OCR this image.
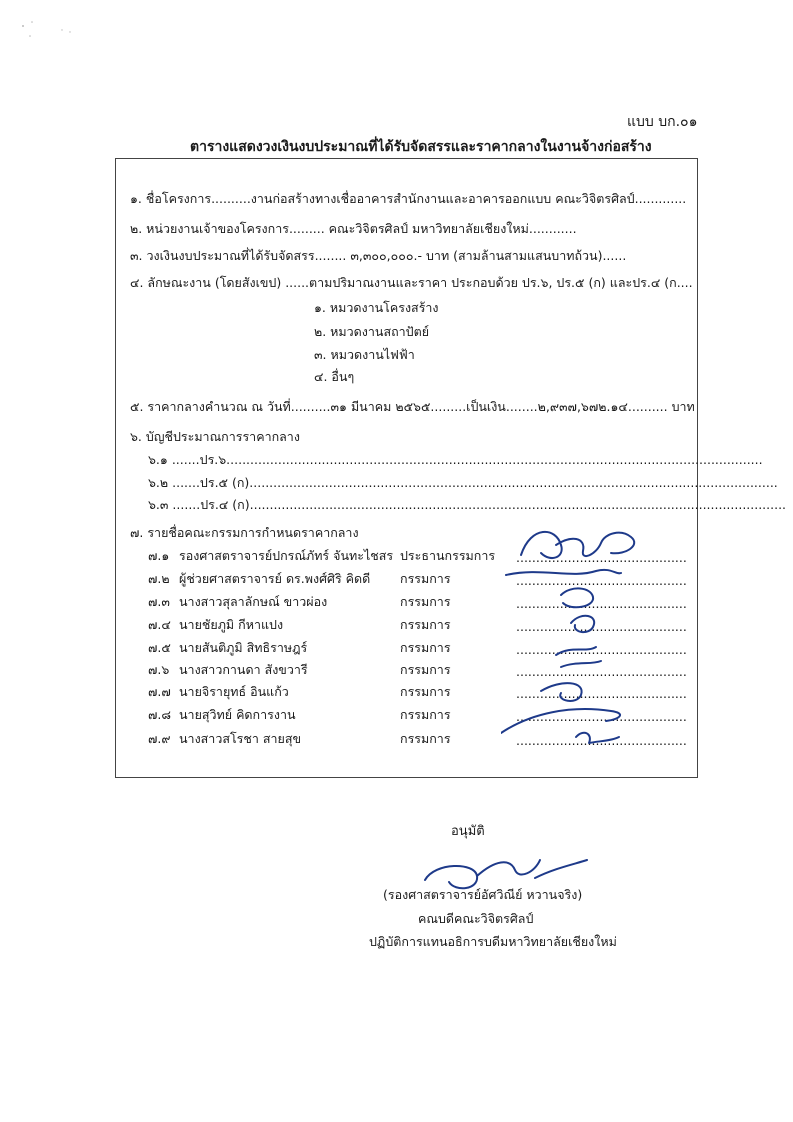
แบบ บก.๐๑
ตารางแสดงวงเงินงบประมาณที่ได้รับจัดสรรและราคากลางในงานจ้างก่อสร้าง
๑. ชื่อโครงการ..........งานก่อสร้างทางเชื่ออาคารสำนักงานและอาคารออกแบบ คณะวิจิตรศิลป์.............
๒. หน่วยงานเจ้าของโครงการ......... คณะวิจิตรศิลป์ มหาวิทยาลัยเชียงใหม่............
๓. วงเงินงบประมาณที่ได้รับจัดสรร........ ๓,๓๐๐,๐๐๐.- บาท (สามล้านสามแสนบาทถ้วน)......
๔. ลักษณะงาน (โดยสังเขป) ......ตามปริมาณงานและราคา ประกอบด้วย ปร.๖, ปร.๕ (ก) และปร.๔ (ก....
๑. หมวดงานโครงสร้าง
๒. หมวดงานสถาปัตย์
๓. หมวดงานไฟฟ้า
๔. อื่นๆ
๕. ราคากลางคำนวณ ณ วันที่..........๓๑ มีนาคม ๒๕๖๕.........เป็นเงิน........๒,๙๓๗,๖๗๒.๑๔.......... บาท
๖. บัญชีประมาณการราคากลาง
๖.๑ .......ปร.๖.......................................................................................................................................
๖.๒ .......ปร.๕ (ก).....................................................................................................................................
๖.๓ .......ปร.๔ (ก).......................................................................................................................................
๗. รายชื่อคณะกรรมการกำหนดราคากลาง
๗.๑ รองศาสตราจารย์ปกรณ์ภัทร์ จันทะไชสร ประธานกรรมการ ...........................................
๗.๒ ผู้ช่วยศาสตราจารย์ ดร.พงศ์ศิริ คิดดี กรรมการ	...........................................
๗.๓ นางสาวสุลาลักษณ์ ขาวผ่อง	กรรมการ	...........................................
๗.๔ นายชัยภูมิ กีหาแปง	กรรมการ	...........................................
๗.๕ นายสันติภูมิ สิทธิราษฎร์	กรรมการ	...........................................
๗.๖ นางสาวกานดา สังขวารี	กรรมการ	...........................................
๗.๗ นายจิรายุทธ์ อินแก้ว	กรรมการ	...........................................
๗.๘ นายสุวิทย์ คิดการงาน	กรรมการ	...........................................
๗.๙ นางสาวสโรชา สายสุข	กรรมการ	...........................................
อนุมัติ
(รองศาสตราจารย์อัศวิณีย์ หวานจริง)
คณบดีคณะวิจิตรศิลป์
ปฏิบัติการแทนอธิการบดีมหาวิทยาลัยเชียงใหม่
